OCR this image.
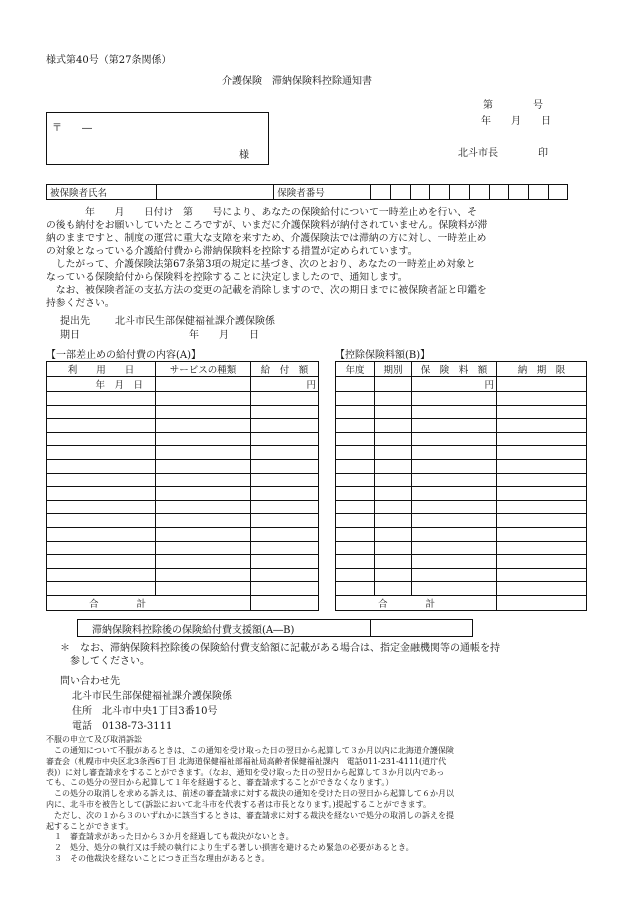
様式第40号（第27条関係）
介護保険　滞納保険料控除通知書
第　　　　号
年　　月　　日
北斗市長　　　　印
〒　　―
様
被保険者氏名		保険者番号											
　　　　年　　月　　日付け　第　　号により、あなたの保険給付について一時差止めを行い、そ
の後も納付をお願いしていたところですが、いまだに介護保険料が納付されていません。保険料が滞
納のままですと、制度の運営に重大な支障を来すため、介護保険法では滞納の方に対し、一時差止め
の対象となっている介護給付費から滞納保険料を控除する措置が定められています。
　したがって、介護保険法第67条第3項の規定に基づき、次のとおり、あなたの一時差止め対象と
なっている保険給付から保険料を控除することに決定しましたので、通知します。
　なお、被保険者証の支払方法の変更の記載を消除しますので、次の期日までに被保険者証と印鑑を
持参ください。
提出先	北斗市民生部保健福祉課介護保険係
期日	年　　月　　日
【一部差止めの給付費の内容(A)】
利　　用　　日	サービスの種類	給　付　額
年　月　日		円

合　　　　計		
【控除保険料額(B)】
年度	期別	保　険　料　額	納　期　限
		円	

合　　　　計			
滞納保険料控除後の保険給付費支援額(A―B)	
＊　なお、滞納保険料控除後の保険給付費支給額に記載がある場合は、指定金融機関等の通帳を持
　参してください。
問い合わせ先
北斗市民生部保健福祉課介護保険係
住所　北斗市中央1丁目3番10号
電話　0138-73-3111
不服の申立て及び取消訴訟
　この通知について不服があるときは、この通知を受け取った日の翌日から起算して３か月以内に北海道介護保険
審査会（札幌市中央区北3条西6丁目 北海道保健福祉部福祉局高齢者保健福祉課内　電話011-231-4111(道庁代
表)）に対し審査請求をすることができます。（なお、通知を受け取った日の翌日から起算して３か月以内であっ
ても、この処分の翌日から起算して１年を経過すると、審査請求することができなくなります。）
　この処分の取消しを求める訴えは、前述の審査請求に対する裁決の通知を受けた日の翌日から起算して６か月以
内に、北斗市を被告として(訴訟において北斗市を代表する者は市長となります。)提起することができます。
　ただし、次の１から３のいずれかに該当するときは、審査請求に対する裁決を経ないで処分の取消しの訴えを提
起することができます。
　１　審査請求があった日から３か月を経過しても裁決がないとき。
　２　処分、処分の執行又は手続の執行により生ずる著しい損害を避けるため緊急の必要があるとき。
　３　その他裁決を経ないことにつき正当な理由があるとき。
